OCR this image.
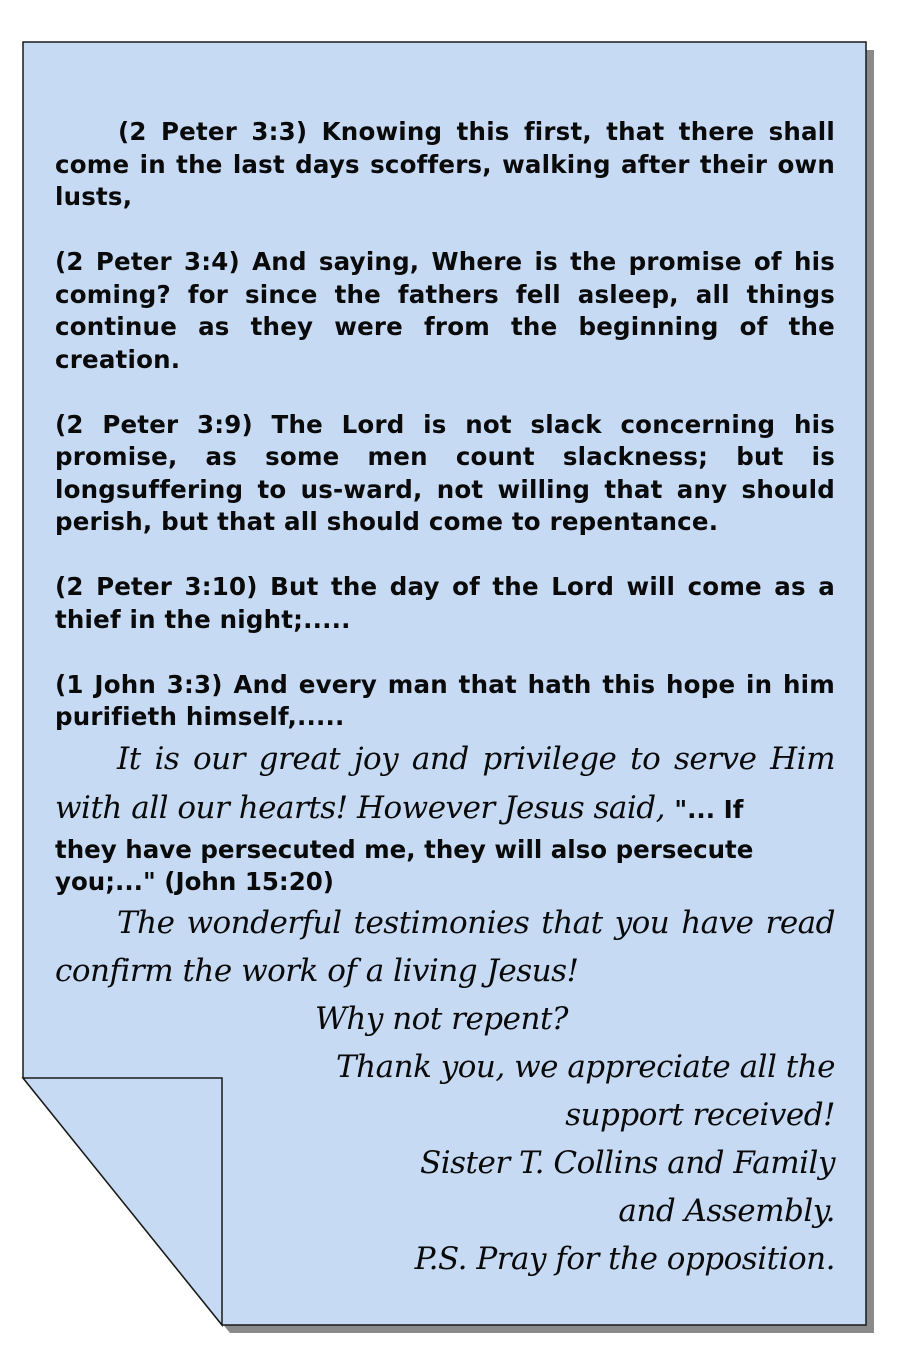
(2 Peter 3:3) Knowing this first, that there shall come in the last days scoffers, walking after their own lusts,

(2 Peter 3:4) And saying, Where is the promise of his coming? for since the fathers fell asleep, all things continue as they were from the beginning of the creation.

(2 Peter 3:9) The Lord is not slack concerning his promise, as some men count slackness; but is longsuffering to us-ward, not willing that any should perish, but that all should come to repentance.

(2 Peter 3:10) But the day of the Lord will come as a thief in the night;.....

(1 John 3:3) And every man that hath this hope in him purifieth himself,.....

It is our great joy and privilege to serve Him with all our hearts! However Jesus said, "... If

they have persecuted me, they will also persecute you;..." (John 15:20)

The wonderful testimonies that you have read confirm the work of a living Jesus!

Why not repent?

Thank you, we appreciate all the

support received!

Sister T. Collins and Family

and Assembly.

P.S. Pray for the opposition.
